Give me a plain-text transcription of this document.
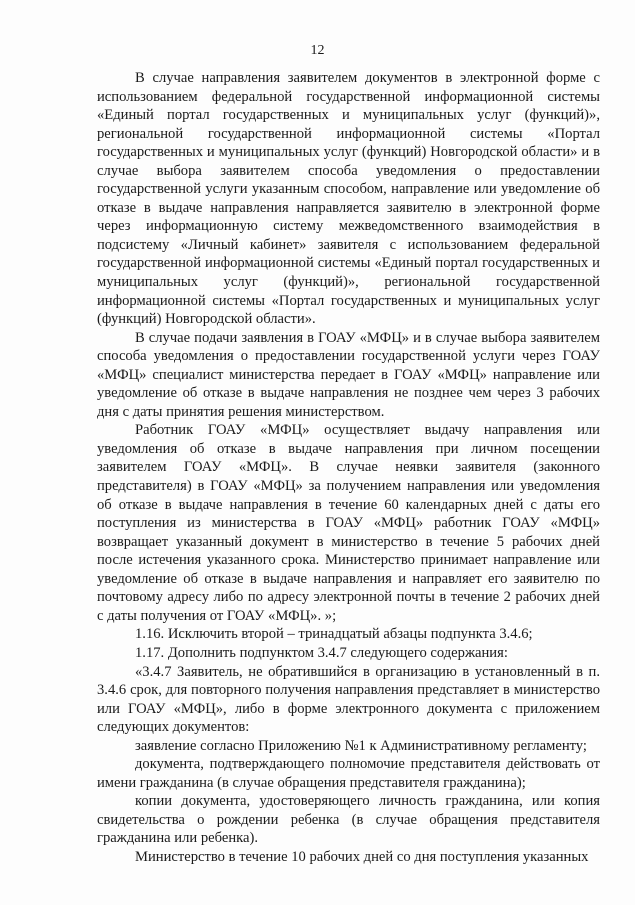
12

В случае направления заявителем документов в электронной форме с использованием федеральной государственной информационной системы «Единый портал государственных и муниципальных услуг (функций)», региональной государственной информационной системы «Портал государственных и муниципальных услуг (функций) Новгородской области» и в случае выбора заявителем способа уведомления о предоставлении государственной услуги указанным способом, направление или уведомление об отказе в выдаче направления направляется заявителю в электронной форме через информационную систему межведомственного взаимодействия в подсистему «Личный кабинет» заявителя с использованием федеральной государственной информационной системы «Единый портал государственных и муниципальных услуг (функций)», региональной государственной информационной системы «Портал государственных и муниципальных услуг (функций) Новгородской области».

В случае подачи заявления в ГОАУ «МФЦ» и в случае выбора заявителем способа уведомления о предоставлении государственной услуги через ГОАУ «МФЦ» специалист министерства передает в ГОАУ «МФЦ» направление или уведомление об отказе в выдаче направления не позднее чем через 3 рабочих дня с даты принятия решения министерством.

Работник ГОАУ «МФЦ» осуществляет выдачу направления или уведомления об отказе в выдаче направления при личном посещении заявителем ГОАУ «МФЦ». В случае неявки заявителя (законного представителя) в ГОАУ «МФЦ» за получением направления или уведомления об отказе в выдаче направления в течение 60 календарных дней с даты его поступления из министерства в ГОАУ «МФЦ» работник ГОАУ «МФЦ» возвращает указанный документ в министерство в течение 5 рабочих дней после истечения указанного срока. Министерство принимает направление или уведомление об отказе в выдаче направления и направляет его заявителю по почтовому адресу либо по адресу электронной почты в течение 2 рабочих дней с даты получения от ГОАУ «МФЦ». »;

1.16. Исключить второй – тринадцатый абзацы подпункта 3.4.6;

1.17. Дополнить подпунктом 3.4.7 следующего содержания:

«3.4.7 Заявитель, не обратившийся в организацию в установленный в п. 3.4.6 срок, для повторного получения направления представляет в министерство или ГОАУ «МФЦ», либо в форме электронного документа с приложением следующих документов:

заявление согласно Приложению №1 к Административному регламенту;

документа, подтверждающего полномочие представителя действовать от имени гражданина (в случае обращения представителя гражданина);

копии документа, удостоверяющего личность гражданина, или копия свидетельства о рождении ребенка (в случае обращения представителя гражданина или ребенка).

Министерство в течение 10 рабочих дней со дня поступления указанных
